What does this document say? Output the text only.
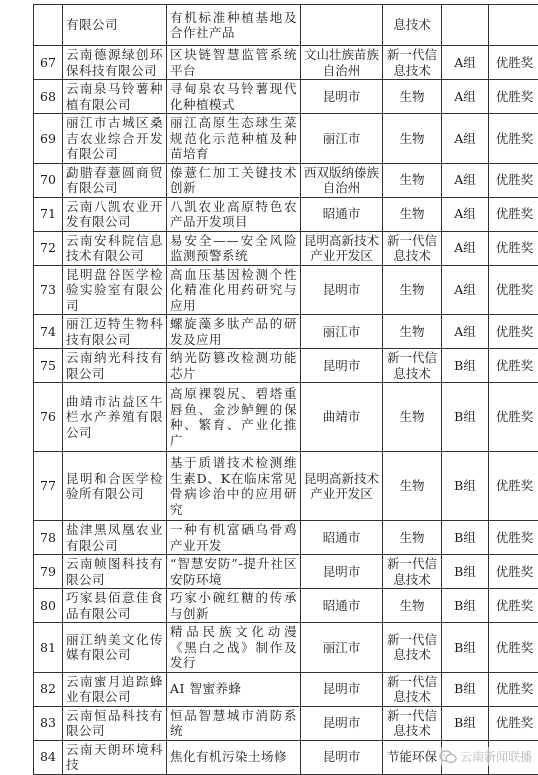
	有限公司	有机标准种植基地及合作社产品		息技术		
67	云南德源绿创环保科技有限公司	区块链智慧监管系统平台	文山壮族苗族自治州	新一代信息技术	A组	优胜奖
68	云南泉马铃薯种植有限公司	寻甸泉农马铃薯现代化种植模式	昆明市	生物	A组	优胜奖
69	丽江市古城区桑吉农业综合开发有限公司	丽江高原生态球生菜规范化示范种植及种苗培育	丽江市	生物	A组	优胜奖
70	勐腊春薏圆商贸有限公司	傣薏仁加工关键技术创新	西双版纳傣族自治州	生物	A组	优胜奖
71	云南八凯农业开发有限公司	八凯农业高原特色农产品开发项目	昭通市	生物	A组	优胜奖
72	云南安科院信息技术有限公司	易安全——安全风险监测预警系统	昆明高新技术产业开发区	新一代信息技术	A组	优胜奖
73	昆明盘谷医学检验实验室有限公司	高血压基因检测个性化精准化用药研究与应用	昆明市	生物	A组	优胜奖
74	丽江迈特生物科技有限公司	螺旋藻多肽产品的研发及应用	丽江市	生物	A组	优胜奖
75	云南纳光科技有限公司	纳光防篡改检测功能芯片	昆明市	新一代信息技术	B组	优胜奖
76	曲靖市沾益区牛栏水产养殖有限公司	高原裸裂尻、碧塔重唇鱼、金沙鲈鲤的保种、繁育、产业化推广	曲靖市	生物	B组	优胜奖
77	昆明和合医学检验所有限公司	基于质谱技术检测维生素D、K在临床常见骨病诊治中的应用研究	昆明高新技术产业开发区	生物	B组	优胜奖
78	盐津黑凤凰农业有限公司	一种有机富硒乌骨鸡产业开发	昭通市	生物	B组	优胜奖
79	云南帧图科技有限公司	“智慧安防”-提升社区安防环境	昆明市	新一代信息技术	B组	优胜奖
80	巧家县佰意佳食品有限公司	巧家小碗红糖的传承与创新	昭通市	生物	B组	优胜奖
81	丽江纳美文化传媒有限公司	精品民族文化动漫《黑白之战》制作及发行	丽江市	新一代信息技术	B组	优胜奖
82	云南蜜月追踪蜂业有限公司	AI 智蜜养蜂	昆明市	新一代信息技术	B组	优胜奖
83	云南恒品科技有限公司	恒品智慧城市消防系统	昆明市	新一代信息技术	B组	优胜奖
84	云南天朗环境科技	焦化有机污染土场修	昆明市	节能环保		云南新闻联播
